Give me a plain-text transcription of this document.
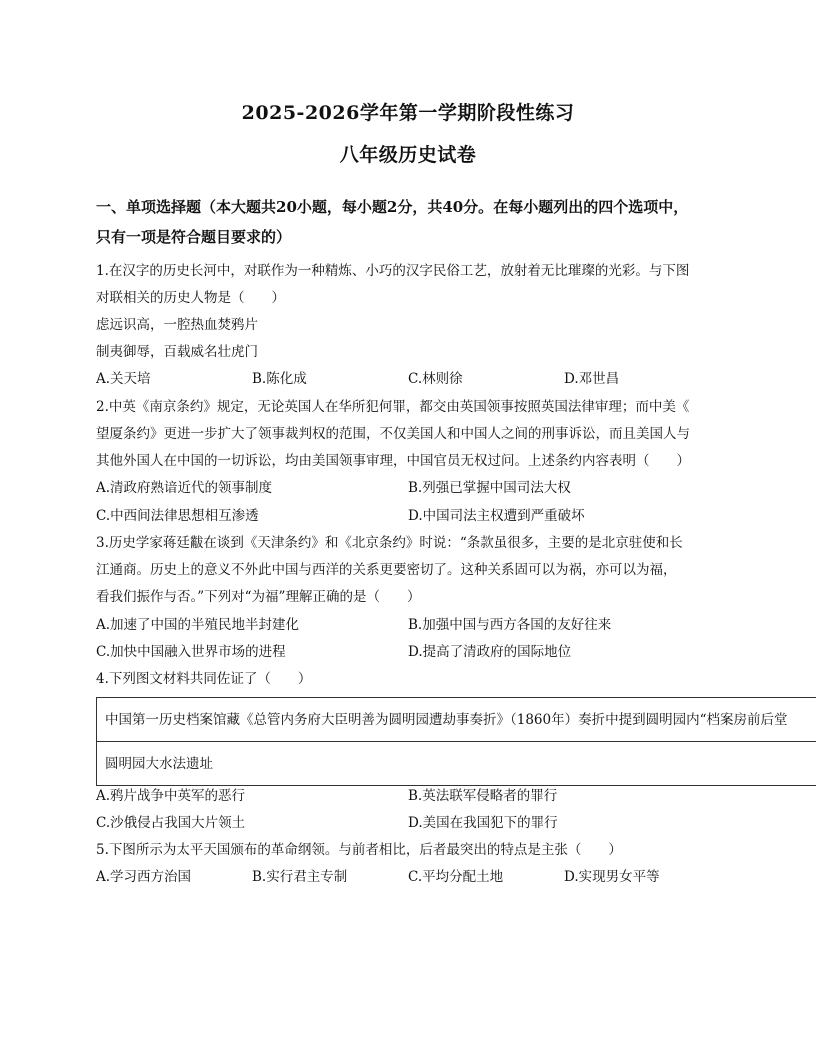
2025-2026学年第一学期阶段性练习
八年级历史试卷
一、单项选择题（本大题共20小题，每小题2分，共40分。在每小题列出的四个选项中，
只有一项是符合题目要求的）
1.在汉字的历史长河中，对联作为一种精炼、小巧的汉字民俗工艺，放射着无比璀璨的光彩。与下图
对联相关的历史人物是（　　）
虑远识高，一腔热血焚鸦片
制夷御辱，百载威名壮虎门
A.关天培	B.陈化成	C.林则徐	D.邓世昌
2.中英《南京条约》规定，无论英国人在华所犯何罪，都交由英国领事按照英国法律审理；而中美《
望厦条约》更进一步扩大了领事裁判权的范围，不仅美国人和中国人之间的刑事诉讼，而且美国人与
其他外国人在中国的一切诉讼，均由美国领事审理，中国官员无权过问。上述条约内容表明（　　）
A.清政府熟谙近代的领事制度	B.列强已掌握中国司法大权
C.中西间法律思想相互渗透	D.中国司法主权遭到严重破坏
3.历史学家蒋廷黻在谈到《天津条约》和《北京条约》时说：“条款虽很多，主要的是北京驻使和长
江通商。历史上的意义不外此中国与西洋的关系更要密切了。这种关系固可以为祸，亦可以为福，
看我们振作与否。”下列对“为福”理解正确的是（　　）
A.加速了中国的半殖民地半封建化	B.加强中国与西方各国的友好往来
C.加快中国融入世界市场的进程	D.提高了清政府的国际地位
4.下列图文材料共同佐证了（　　）
中国第一历史档案馆藏《总管内务府大臣明善为圆明园遭劫事奏折》（1860年）奏折中提到圆明园内“档案房前后堂
圆明园大水法遗址
A.鸦片战争中英军的恶行	B.英法联军侵略者的罪行
C.沙俄侵占我国大片领土	D.美国在我国犯下的罪行
5.下图所示为太平天国颁布的革命纲领。与前者相比，后者最突出的特点是主张（　　）
A.学习西方治国	B.实行君主专制	C.平均分配土地	D.实现男女平等
